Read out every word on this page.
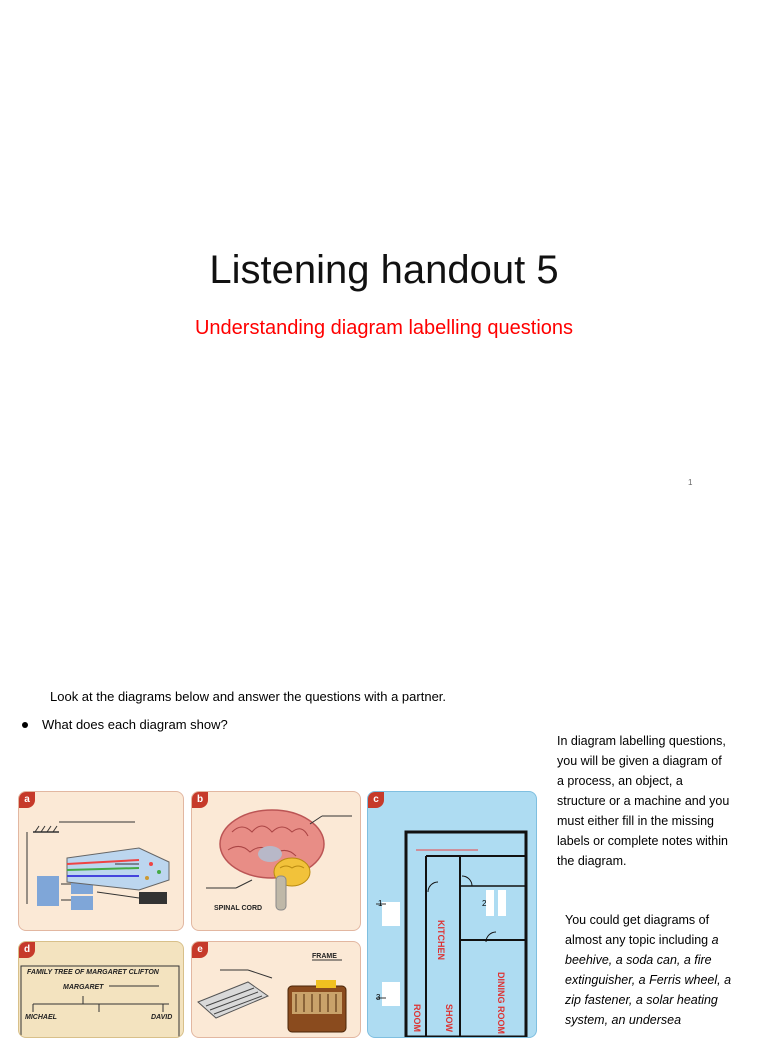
Listening handout 5
Understanding diagram labelling questions
1
Look at the diagrams below and answer the questions with a partner.
What does each diagram show?
a
SPINAL CORD
b
1	2
3
KITCHEN
DINING ROOM
SHOW
ROOM
c
FAMILY TREE OF MARGARET CLIFTON
MARGARET
MICHAEL	DAVID
d
FRAME
e
In diagram labelling questions, you will be given a diagram of a process, an object, a structure or a machine and you must either fill in the missing labels or complete notes within the diagram.
You could get diagrams of almost any topic including a beehive, a soda can, a fire extinguisher, a Ferris wheel, a zip fastener, a solar heating system, an undersea
